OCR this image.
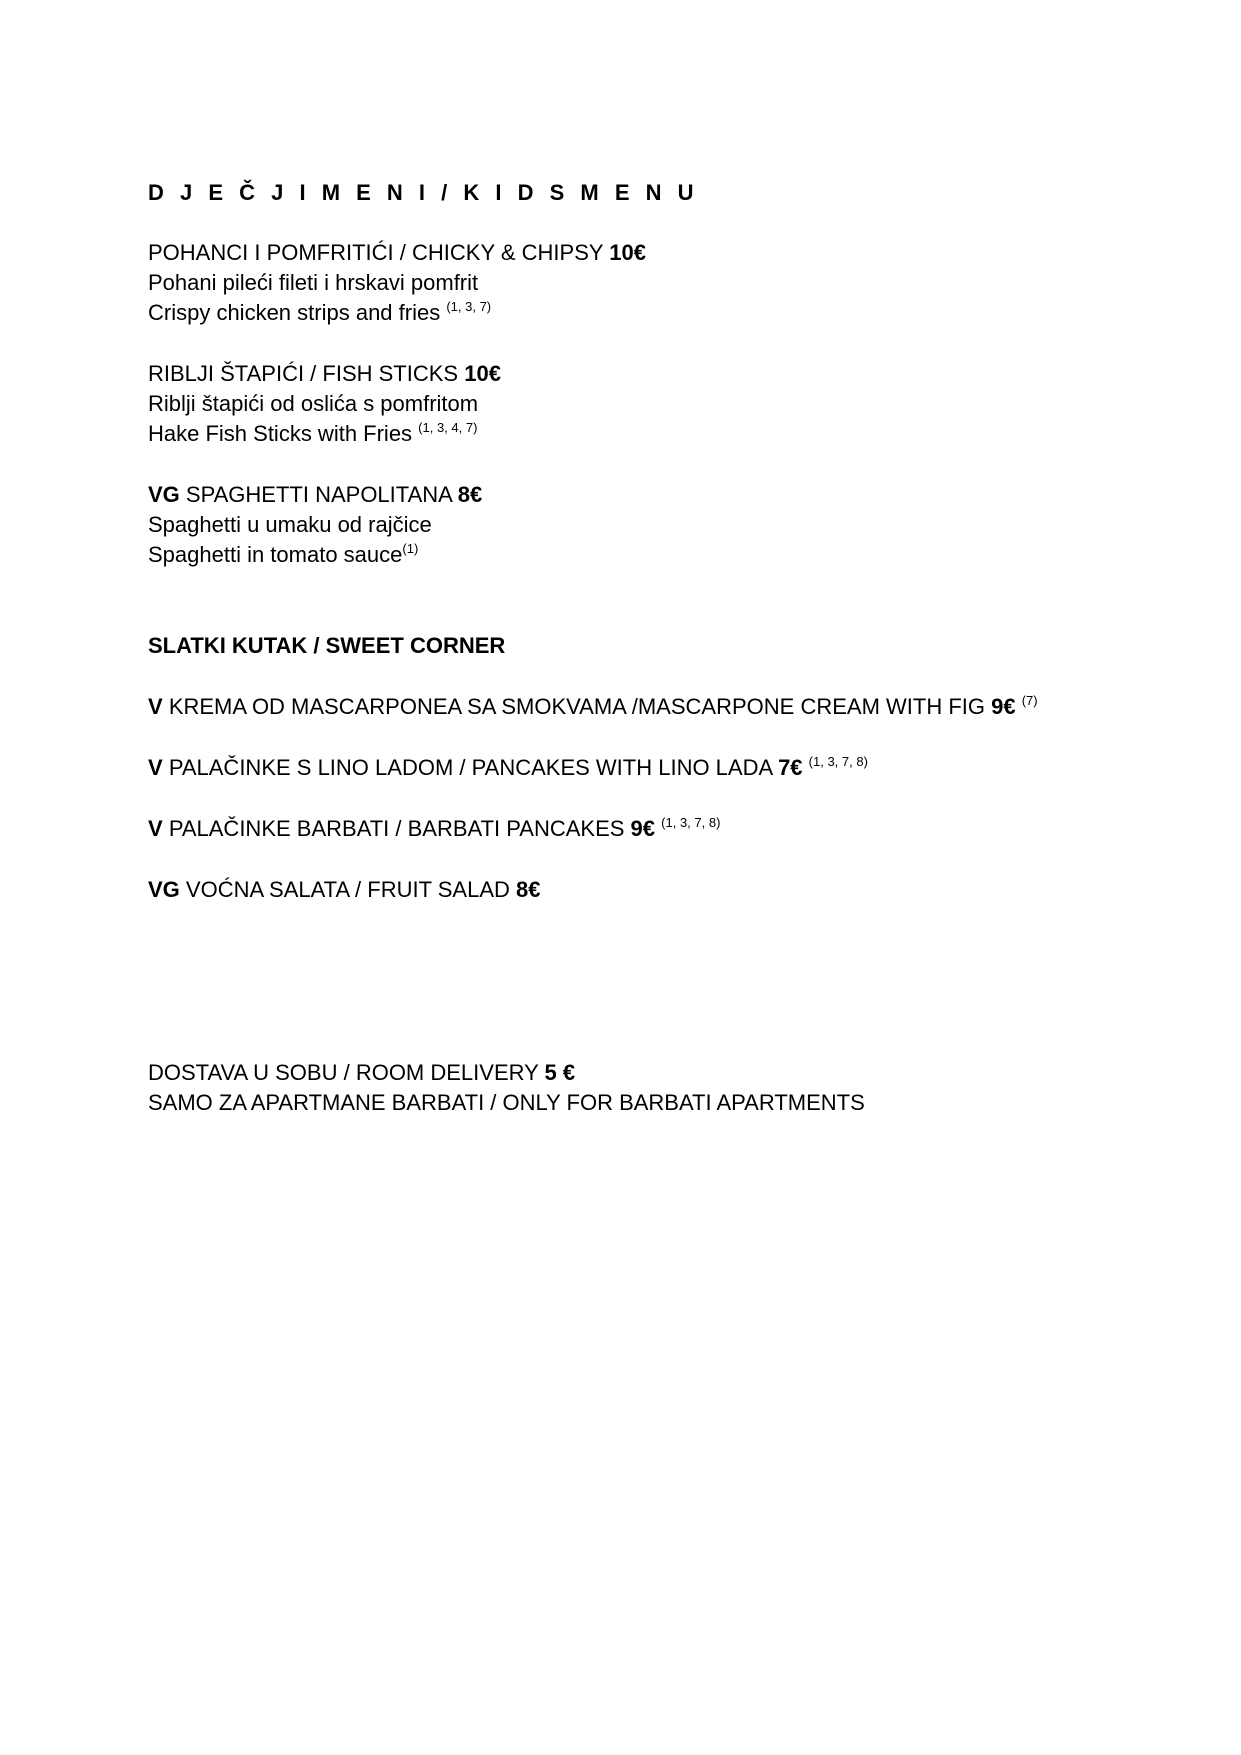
D J E Č J I M E N I / K I D S M E N U
POHANCI I POMFRITIĆI / CHICKY & CHIPSY 10€
Pohani pileći fileti i hrskavi pomfrit
Crispy chicken strips and fries $^{(1, 3, 7)}$
RIBLJI ŠTAPIĆI / FISH STICKS 10€
Riblji štapići od oslića s pomfritom
Hake Fish Sticks with Fries $^{(1, 3, 4, 7)}$
VG SPAGHETTI NAPOLITANA 8€
Spaghetti u umaku od rajčice
Spaghetti in tomato sauce$^{(1)}$
SLATKI KUTAK / SWEET CORNER
V KREMA OD MASCARPONEA SA SMOKVAMA /MASCARPONE CREAM WITH FIG 9€ $^{(7)}$
V PALAČINKE S LINO LADOM / PANCAKES WITH LINO LADA 7€ $^{(1, 3, 7, 8)}$
V PALAČINKE BARBATI / BARBATI PANCAKES 9€ $^{(1, 3, 7, 8)}$
VG VOĆNA SALATA / FRUIT SALAD 8€
DOSTAVA U SOBU / ROOM DELIVERY 5 €
SAMO ZA APARTMANE BARBATI / ONLY FOR BARBATI APARTMENTS
